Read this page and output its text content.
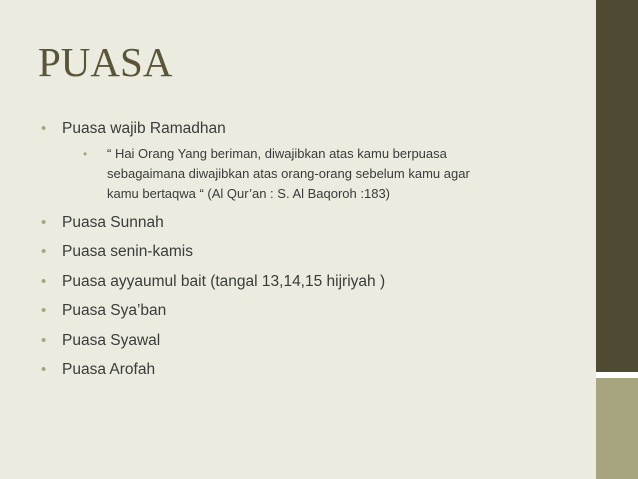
PUASA
• Puasa wajib Ramadhan
• “ Hai Orang Yang beriman, diwajibkan atas kamu berpuasa
sebagaimana diwajibkan atas orang-orang sebelum kamu agar
kamu bertaqwa “ (Al Qur’an : S. Al Baqoroh :183)
• Puasa Sunnah
• Puasa senin-kamis
• Puasa ayyaumul bait (tangal 13,14,15 hijriyah )
• Puasa Sya’ban
• Puasa Syawal
• Puasa Arofah
